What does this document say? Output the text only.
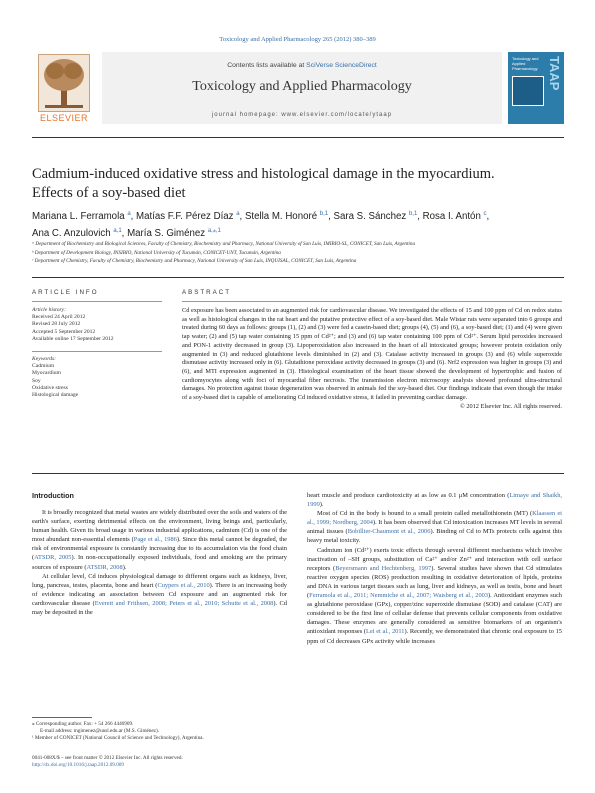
Toxicology and Applied Pharmacology 265 (2012) 380–389
ELSEVIER
Contents lists available at SciVerse ScienceDirect
Toxicology and Applied Pharmacology
journal homepage: www.elsevier.com/locate/ytaap
Toxicology and Applied Pharmacology TAAP
Cadmium-induced oxidative stress and histological damage in the myocardium.
Effects of a soy-based diet
Mariana L. Ferramola $^a$, Matías F.F. Pérez Díaz $^a$, Stella M. Honoré $^{b,1}$, Sara S. Sánchez $^{b,1}$, Rosa I. Antón $^c$,
Ana C. Anzulovich $^{a,1}$, María S. Giménez $^{a,⁎,1}$
ᵃ Department of Biochemistry and Biological Sciences, Faculty of Chemistry, Biochemistry and Pharmacy, National University of San Luis, IMIBIO-SL, CONICET, San Luis, Argentina
ᵇ Department of Development Biology, INSIBIO, National University of Tucumán, CONICET-UNT, Tucumán, Argentina
ᶜ Department of Chemistry, Faculty of Chemistry, Biochemistry and Pharmacy, National University of San Luis, INQUISAL, CONICET, San Luis, Argentina
ARTICLE INFO	ABSTRACT
Article history:
Received 24 April 2012
Revised 28 July 2012
Accepted 5 September 2012
Available online 17 September 2012
Keywords:
Cadmium
Myocardium
Soy
Oxidative stress
Histological damage
Cd exposure has been associated to an augmented risk for cardiovascular disease. We investigated the effects of 15 and 100 ppm of Cd on redox status as well as histological changes in the rat heart and the putative protective effect of a soy-based diet. Male Wistar rats were separated into 6 groups and treated during 60 days as follows: groups (1), (2) and (3) were fed a casein-based diet; groups (4), (5) and (6), a soy-based diet; (1) and (4) were given tap water; (2) and (5) tap water containing 15 ppm of Cd²⁺; and (3) and (6) tap water containing 100 ppm of Cd²⁺. Serum lipid peroxides increased and PON-1 activity decreased in group (3). Lipoperoxidation also increased in the heart of all intoxicated groups; however protein oxidation only augmented in (3) and reduced glutathione levels diminished in (2) and (3). Catalase activity increased in groups (3) and (6) while superoxide dismutase activity increased only in (6). Glutathione peroxidase activity decreased in groups (3) and (6). Nrf2 expression was higher in groups (3) and (6), and MTI expression augmented in (3). Histological examination of the heart tissue showed the development of hypertrophic and fusion of cardiomyocytes along with foci of myocardial fiber necrosis. The transmission electron microscopy analysis showed profound ultra-structural damages. No protection against tissue degeneration was observed in animals fed the soy-based diet. Our findings indicate that even though the intake of a soy-based diet is capable of ameliorating Cd induced oxidative stress, it failed in preventing cardiac damage.
© 2012 Elsevier Inc. All rights reserved.
Introduction

It is broadly recognized that metal wastes are widely distributed over the soils and waters of the earth's surface, exerting detrimental effects on the environment, living beings and, particularly, human health. Given its broad usage in various industrial applications, cadmium (Cd) is one of the most abundant non-essential elements (Page et al., 1986). Since this metal cannot be degraded, the risk of environmental exposure is constantly increasing due to its accumulation via the food chain (ATSDR, 2005). In non-occupationally exposed individuals, food and smoking are the primary sources of exposure (ATSDR, 2008).

At cellular level, Cd induces physiological damage to different organs such as kidneys, liver, lung, pancreas, testes, placenta, bone and heart (Cuypers et al., 2010). There is an increasing body of evidence indicating an association between Cd exposure and an augmented risk for cardiovascular disease (Everett and Frithsen, 2008; Peters et al., 2010; Schutte et al., 2008). Cd may be deposited in the

heart muscle and produce cardiotoxicity at as low as 0.1 μM concentration (Limaye and Shaikh, 1999).

Most of Cd in the body is bound to a small protein called metallothionein (MT) (Klaassen et al., 1999; Nordberg, 2004). It has been observed that Cd intoxication increases MT levels in several animal tissues (Bobillier-Chaumont et al., 2006). Binding of Cd to MTs protects cells against this heavy metal toxicity.

Cadmium ion (Cd²⁺) exerts toxic effects through several different mechanisms which involve inactivation of –SH groups, substitution of Ca²⁺ and/or Zn²⁺ and interaction with cell surface receptors (Beyersmann and Hechtenberg, 1997). Several studies have shown that Cd stimulates reactive oxygen species (ROS) production resulting in oxidative deterioration of lipids, proteins and DNA in various target tissues such as lung, liver and kidneys, as well as testis, bone and heart (Ferramola et al., 2011; Nemmiche et al., 2007; Waisberg et al., 2003). Antioxidant enzymes such as glutathione peroxidase (GPx), copper/zinc superoxide dismutase (SOD) and catalase (CAT) are considered to be the first line of cellular defense that prevents cellular components from oxidative damages. These enzymes are generally considered as sensitive biomarkers of an organism's antioxidant responses (Lei et al., 2011). Recently, we demonstrated that chronic oral exposure to 15 ppm of Cd decreases GPx activity while increases

⁎ Corresponding author. Fax: + 54 266 4446909.
E-mail address: mgimenez@unsl.edu.ar (M.S. Giménez).
¹ Member of CONICET (National Council of Science and Technology), Argentina.
0041-008X/$ – see front matter © 2012 Elsevier Inc. All rights reserved.
http://dx.doi.org/10.1016/j.taap.2012.09.009
